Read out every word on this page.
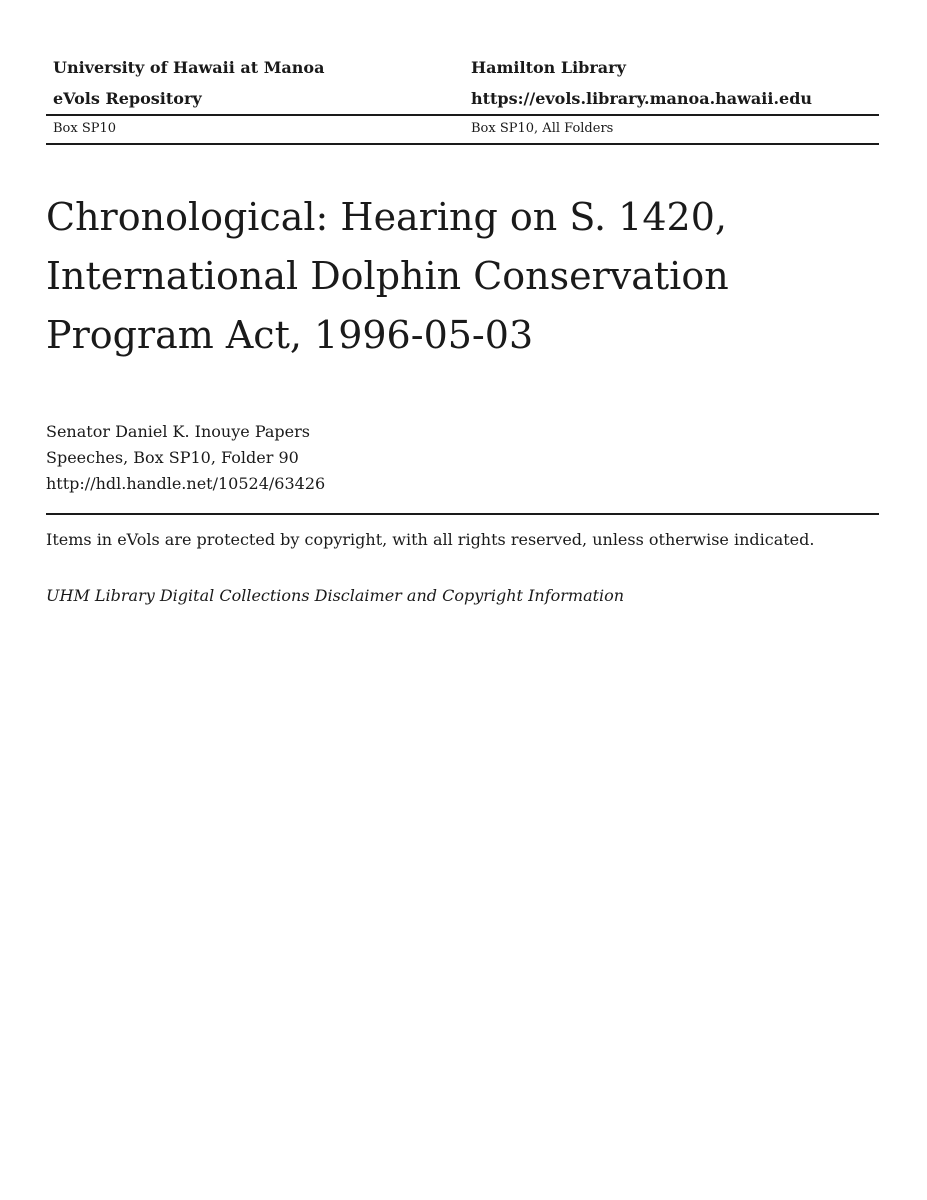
University of Hawaii at Manoa	Hamilton Library
eVols Repository	https://evols.library.manoa.hawaii.edu
Box SP10	Box SP10, All Folders
Chronological: Hearing on S. 1420,
International Dolphin Conservation
Program Act, 1996-05-03
Senator Daniel K. Inouye Papers
Speeches, Box SP10, Folder 90
http://hdl.handle.net/10524/63426
Items in eVols are protected by copyright, with all rights reserved, unless otherwise indicated.
UHM Library Digital Collections Disclaimer and Copyright Information
